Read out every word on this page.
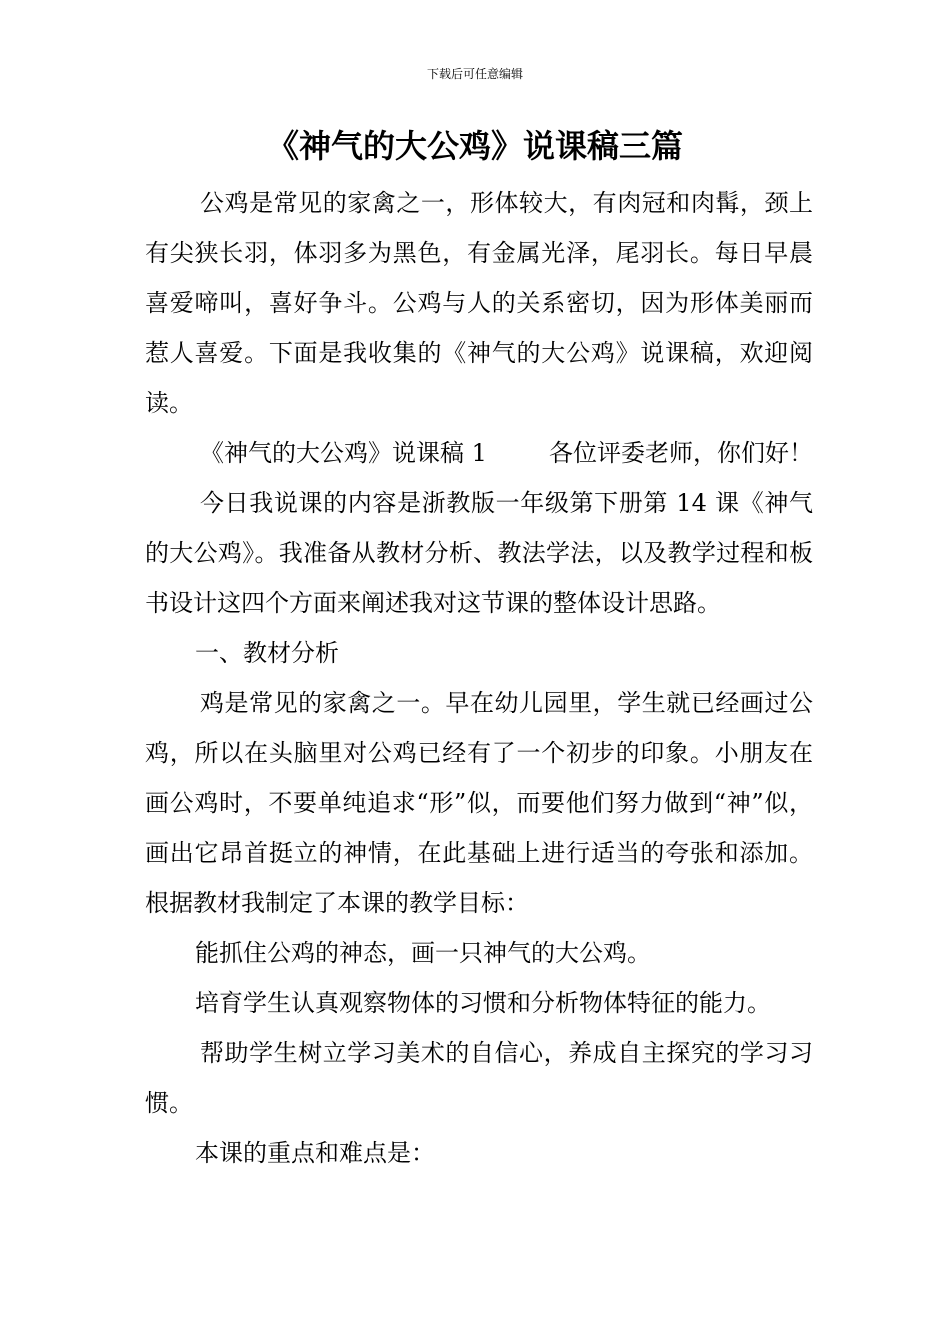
下载后可任意编辑
《神气的大公鸡》说课稿三篇

公鸡是常见的家禽之一，形体较大，有肉冠和肉髯，颈上有尖狭长羽，体羽多为黑色，有金属光泽，尾羽长。每日早晨喜爱啼叫，喜好争斗。公鸡与人的关系密切，因为形体美丽而惹人喜爱。下面是我收集的《神气的大公鸡》说课稿，欢迎阅读。

《神气的大公鸡》说课稿 1	各位评委老师，你们好！

今日我说课的内容是浙教版一年级第下册第 14 课《神气的大公鸡》。我准备从教材分析、教法学法，以及教学过程和板书设计这四个方面来阐述我对这节课的整体设计思路。

一、教材分析

鸡是常见的家禽之一。早在幼儿园里，学生就已经画过公鸡，所以在头脑里对公鸡已经有了一个初步的印象。小朋友在画公鸡时，不要单纯追求“形”似，而要他们努力做到“神”似，画出它昂首挺立的神情，在此基础上进行适当的夸张和添加。根据教材我制定了本课的教学目标：

能抓住公鸡的神态，画一只神气的大公鸡。

培育学生认真观察物体的习惯和分析物体特征的能力。

帮助学生树立学习美术的自信心，养成自主探究的学习习惯。

本课的重点和难点是：
